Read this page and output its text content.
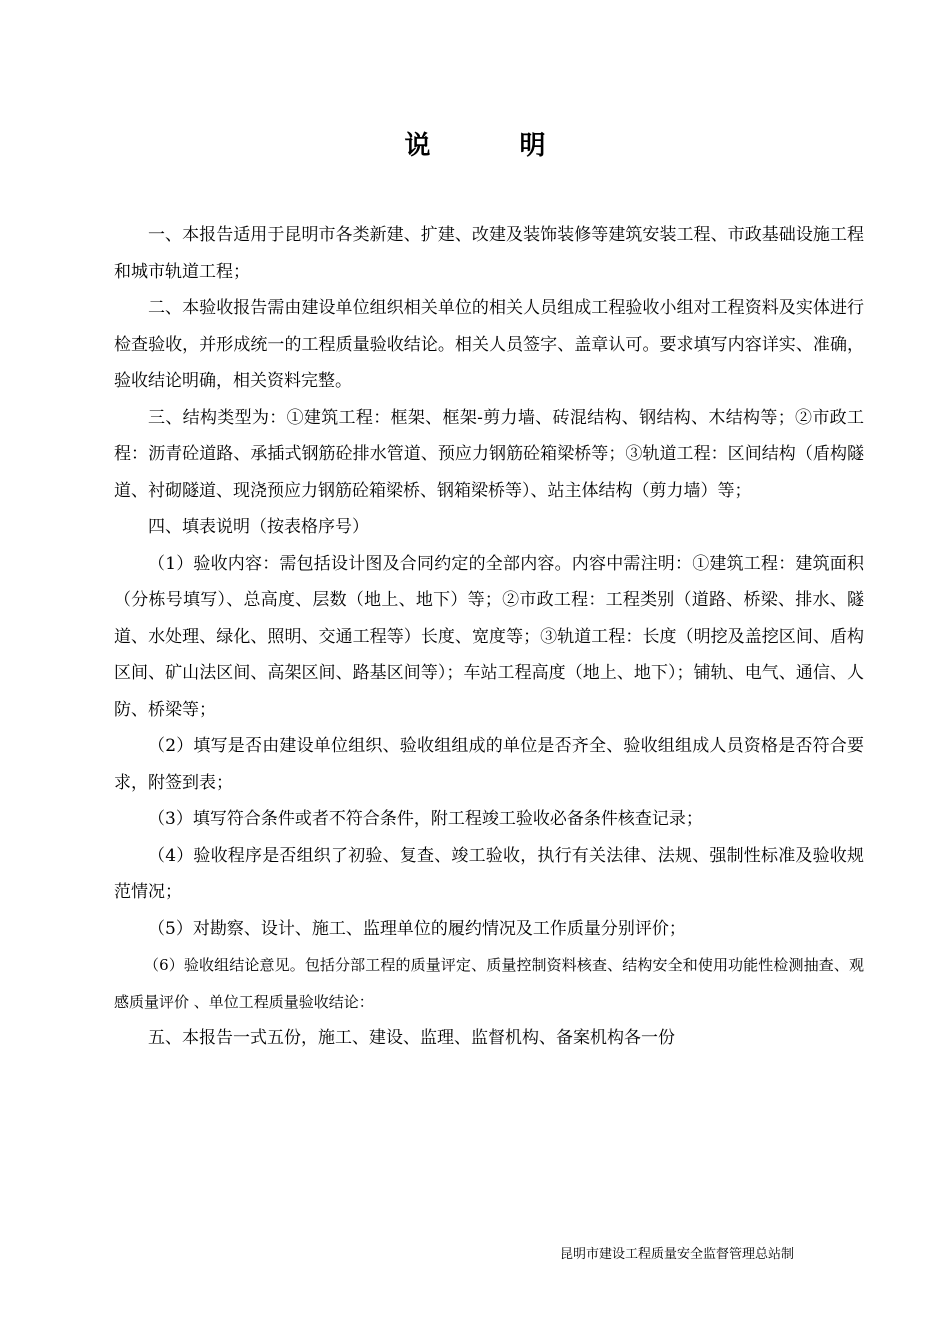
说 明

一、本报告适用于昆明市各类新建、扩建、改建及装饰装修等建筑安装工程、市政基础设施工程和城市轨道工程；

二、本验收报告需由建设单位组织相关单位的相关人员组成工程验收小组对工程资料及实体进行检查验收，并形成统一的工程质量验收结论。相关人员签字、盖章认可。要求填写内容详实、准确，验收结论明确，相关资料完整。

三、结构类型为：①建筑工程：框架、框架-剪力墙、砖混结构、钢结构、木结构等；②市政工程：沥青砼道路、承插式钢筋砼排水管道、预应力钢筋砼箱梁桥等；③轨道工程：区间结构（盾构隧道、衬砌隧道、现浇预应力钢筋砼箱梁桥、钢箱梁桥等）、站主体结构（剪力墙）等；

四、填表说明（按表格序号）

（1）验收内容：需包括设计图及合同约定的全部内容。内容中需注明：①建筑工程：建筑面积（分栋号填写）、总高度、层数（地上、地下）等；②市政工程：工程类别（道路、桥梁、排水、隧道、水处理、绿化、照明、交通工程等）长度、宽度等；③轨道工程：长度（明挖及盖挖区间、盾构区间、矿山法区间、高架区间、路基区间等）；车站工程高度（地上、地下）；铺轨、电气、通信、人防、桥梁等；

（2）填写是否由建设单位组织、验收组组成的单位是否齐全、验收组组成人员资格是否符合要求，附签到表；

（3）填写符合条件或者不符合条件，附工程竣工验收必备条件核查记录；

（4）验收程序是否组织了初验、复查、竣工验收，执行有关法律、法规、强制性标准及验收规范情况；

（5）对勘察、设计、施工、监理单位的履约情况及工作质量分别评价；

（6）验收组结论意见。包括分部工程的质量评定、质量控制资料核查、结构安全和使用功能性检测抽查、观感质量评价 、单位工程质量验收结论：

五、本报告一式五份，施工、建设、监理、监督机构、备案机构各一份

昆明市建设工程质量安全监督管理总站制
